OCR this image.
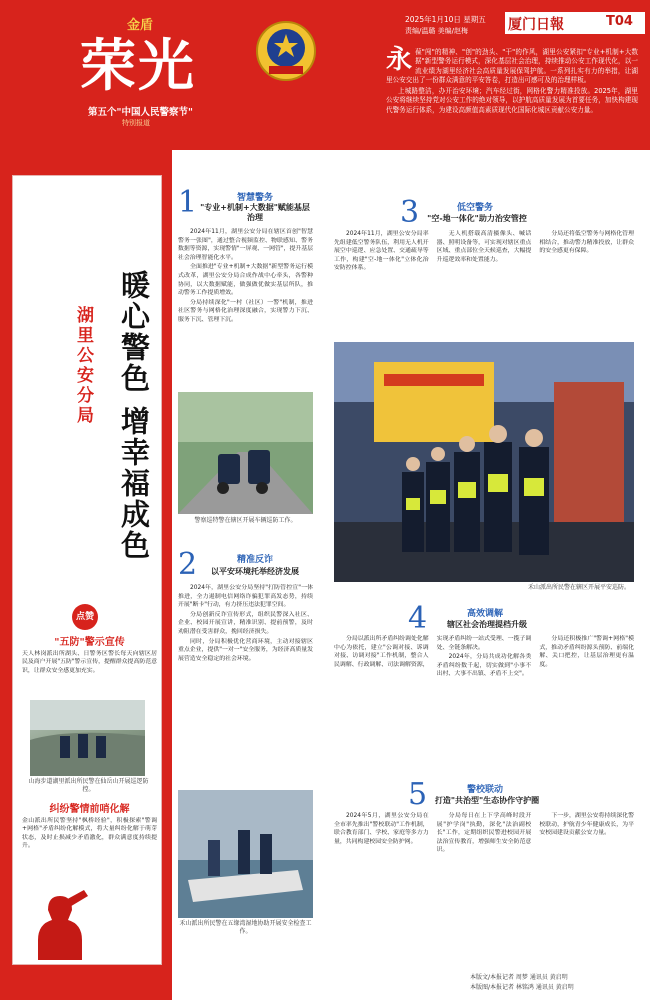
金盾
荣光
第五个"中国人民警察节"
特别报道
2025年1月10日 星期五
责编/温璐 美编/赵梅	厦门日報	T04
永 葆"闯"的精神、"创"的劲头、"干"的作风，湖里公安紧扣"专业+机制+大数据"新型警务运行模式，深化基层社会治理，持续推动公安工作现代化，以一流业绩为湖里经济社会高质量发展保驾护航。一系列扎实有力的举措，让湖里公安交出了一份群众满意的平安答卷，打造出可感可及的治理样板。

上城路整洁，办开治安环境；汽车经过街，网格化警力精准投放。2025年，湖里公安将继续坚持党对公安工作的绝对领导，以护航高质量发展为首要任务，加快构建现代警务运行体系，为建设高颜值高素质现代化国际化城区贡献公安力量。

湖里公安分局 暖心警色 增幸福成色
点赞
"五防"警示宣传
天人林岗派出所湖头、日警务区警长每天向辖区居民及商户开展"五防"警示宣传，提醒群众提高防范意识，让群众安全感更加充实。
山海步道湖里派出所民警在仙岳山开展巡逻防控。
纠纷警情前哨化解
金山派出所民警坚持"枫桥经验"，积极探索"警调+网格"矛盾纠纷化解模式，将大量纠纷化解于萌芽状态，及时止损减少矛盾激化，群众满意度持续提升。
1	智慧警务
"专业+机制+大数据"赋能基层治理

2024年11月，湖里公安分局在辖区首创"智慧警务一张图"，通过整合视频监控、物联感知、警务数据等资源，实现警情"一屏观、一网管"，提升基层社会治理智能化水平。

全面推进"专业+机制+大数据"新型警务运行模式改革，湖里公安分局合成作战中心牵头，各警种协同，以大数据赋能，做强做优做实基层所队，推动警务工作提质增效。

分局持续深化"一村（社区）一警"机制，推进社区警务与网格化治理深度融合，实现警力下沉、服务下沉、管理下沉。

警察巡特警在辖区开展车辆巡防工作。
2	精准反诈
以平安环境托举经济发展

2024年，湖里公安分局坚持"打防管控宣"一体推进，全力遏制电信网络诈骗犯罪高发态势，持续开展"断卡"行动，有力挤压违法犯罪空间。

分局创新反诈宣传形式，组织民警深入社区、企业、校园开展宣讲，精准识别、提前预警，及时劝阻潜在受害群众，挽回经济损失。

同时，分局积极优化营商环境，主动对接辖区重点企业，提供"一对一"安全服务，为经济高质量发展营造安全稳定的社会环境。

禾山派出所民警在五缘湾湿地协助开展安全检查工作。
3	低空警务
"空-地一体化"助力治安管控

2024年11月，湖里公安分局率先组建低空警务队伍，利用无人机开展空中巡逻、应急处置、交通疏导等工作，构建"空-地一体化"立体化治安防控体系。

无人机搭载高清摄像头、喊话器、照明设备等，可实现对辖区重点区域、重点部位全天候巡查，大幅提升巡逻效率和处置能力。

分局还将低空警务与网格化管理相结合，推动警力精准投放，让群众的安全感更有保障。

禾山派出所民警在辖区开展平安巡防。
4	高效调解
辖区社会治理提档升级

分局以派出所矛盾纠纷调处化解中心为依托，建立"公调对接、诉调对接、访调对接"工作机制，整合人民调解、行政调解、司法调解资源，实现矛盾纠纷一站式受理、一揽子调处、全链条解决。

2024年，分局共成功化解各类矛盾纠纷数千起，切实做到"小事不出村、大事不出镇、矛盾不上交"。

分局还积极推广"警调+网格"模式，推动矛盾纠纷源头预防、前端化解、关口把控，让基层治理更有温度。

5	警校联动
打造"共治型"生态协作守护圈

2024年5月，湖里公安分局在全市率先推出"警校联动"工作机制，联合教育部门、学校、家庭等多方力量，共同构建校园安全防护网。

分局每日在上下学高峰时段开展"护学岗"执勤，深化"法治副校长"工作，定期组织民警进校园开展法治宣传教育，增强师生安全防范意识。

下一步，湖里公安将持续深化警校联动，护航青少年健康成长，为平安校园建设贡献公安力量。

本版文/本报记者 周梦 通讯员 黄启明
本版图/本报记者 林铭鸿 通讯员 黄启明
